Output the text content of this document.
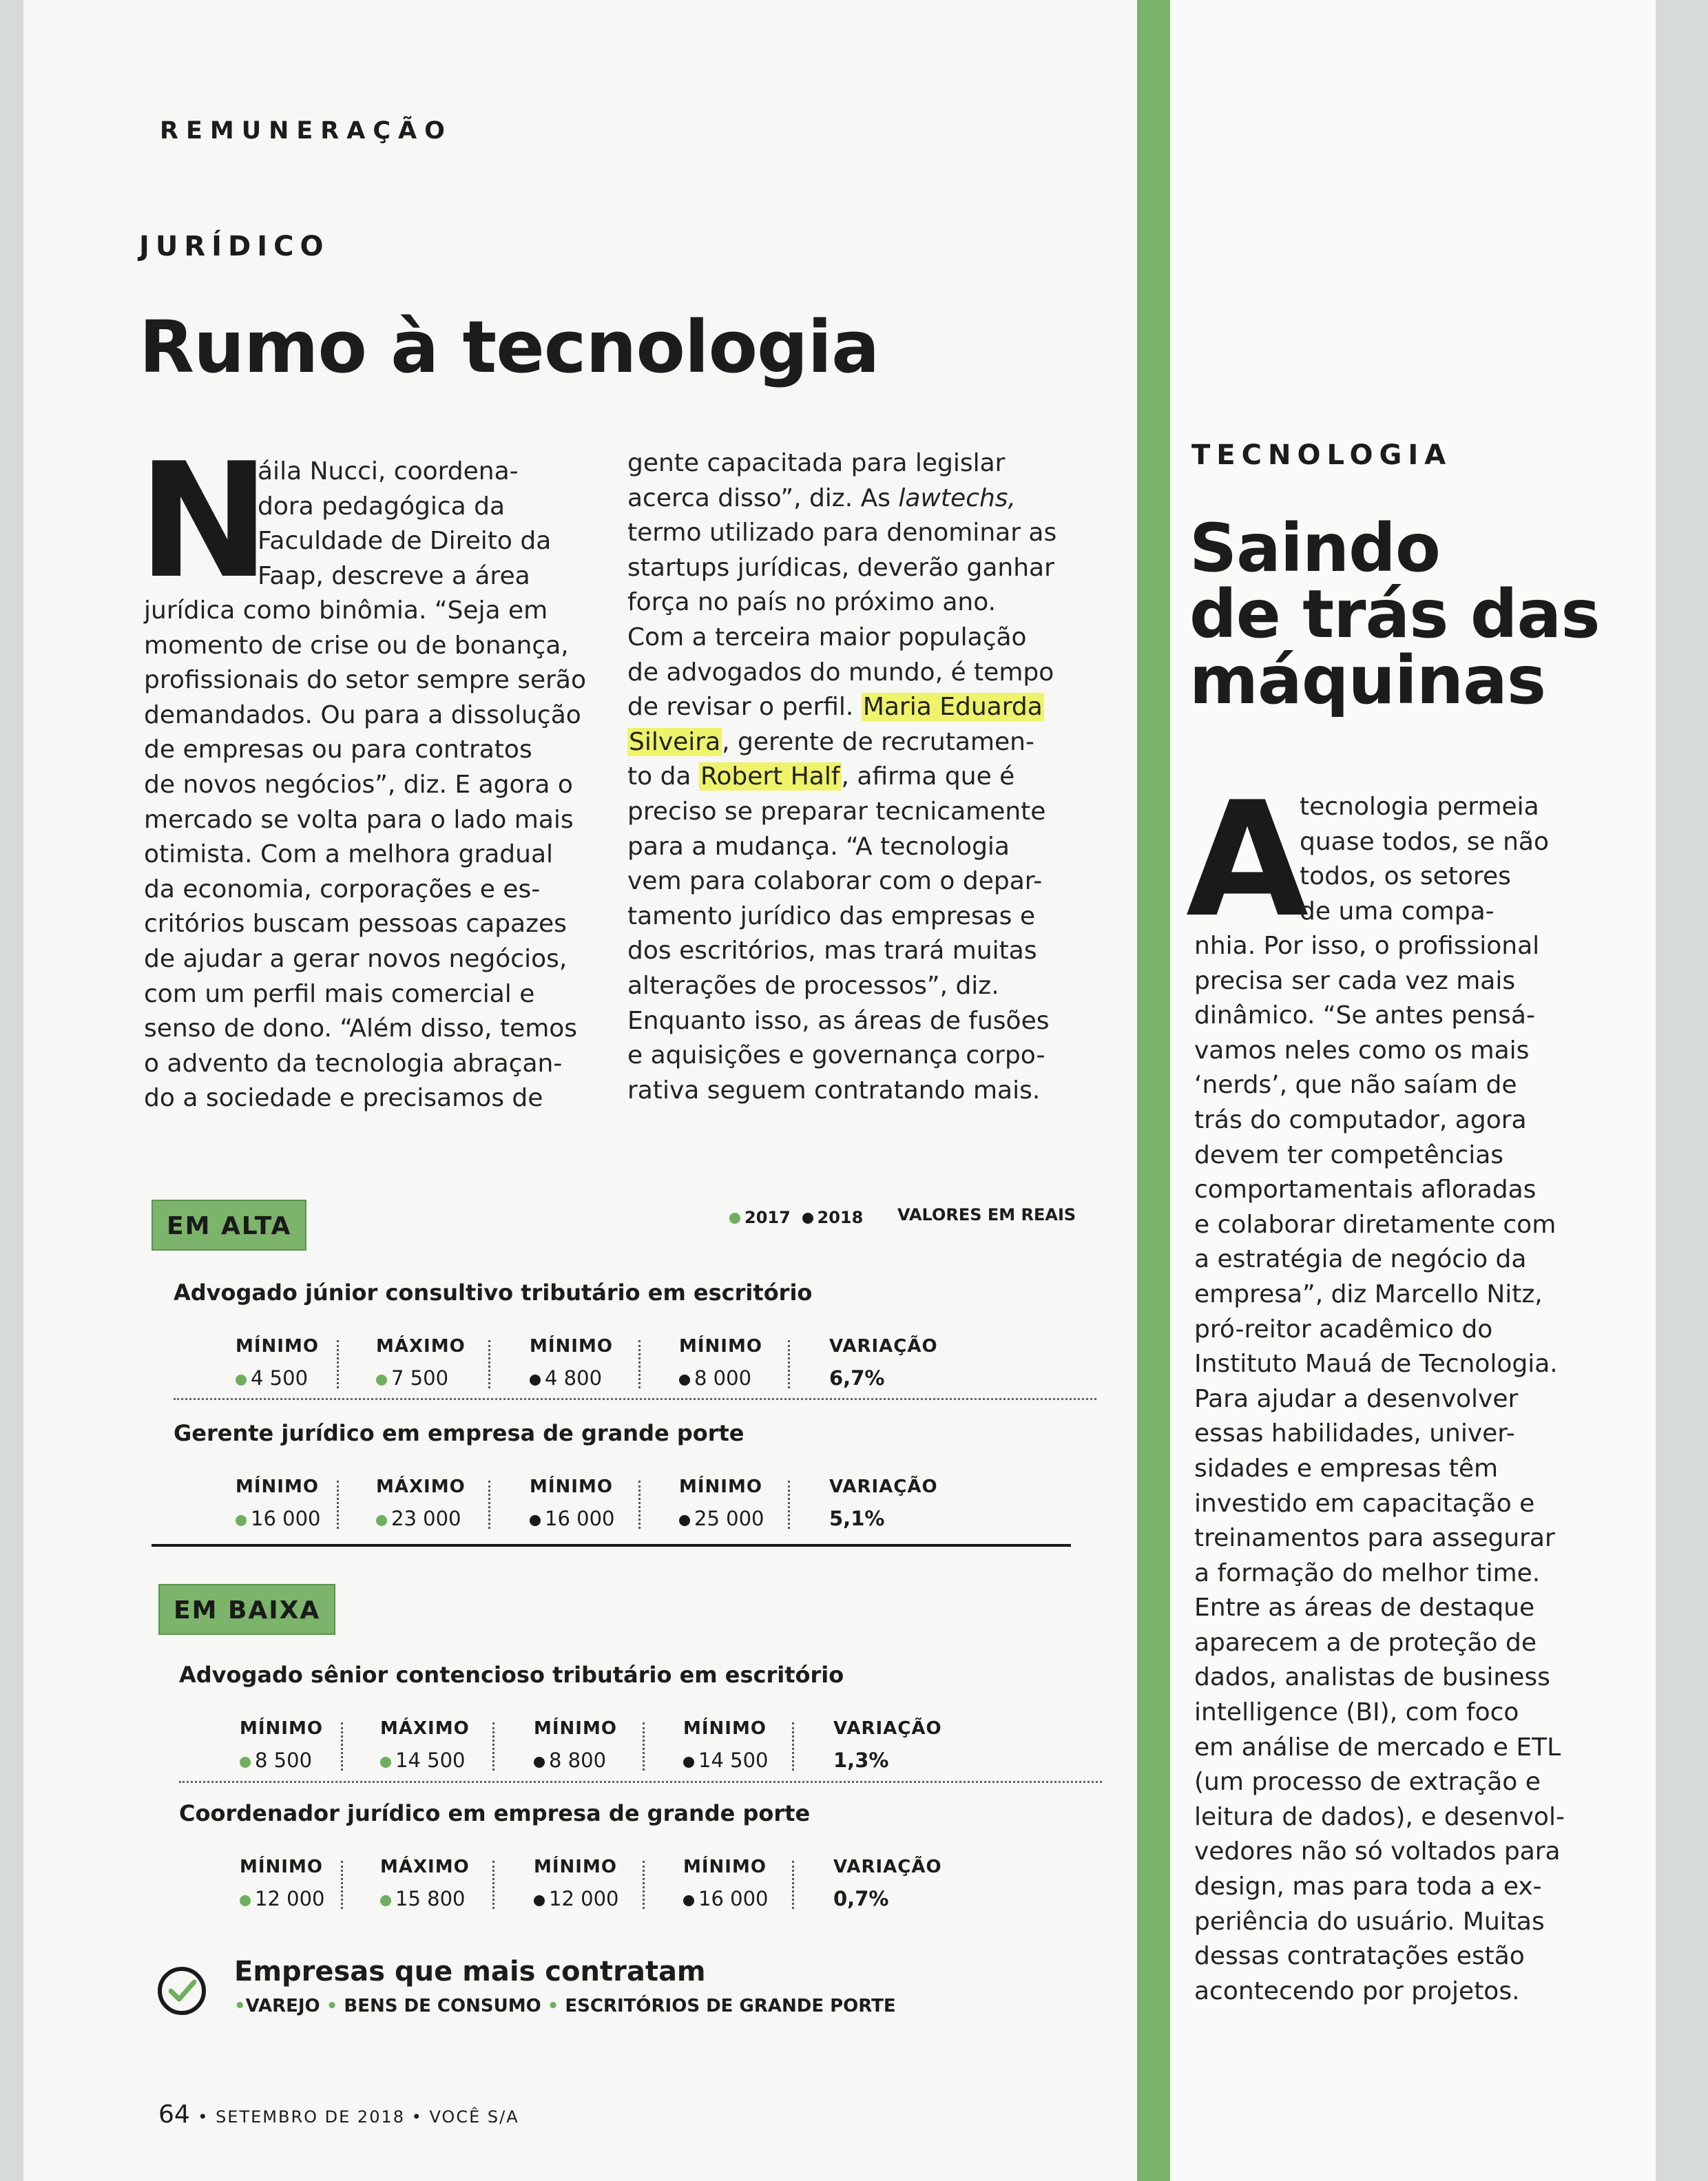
REMUNERAÇÃO
JURÍDICO
Rumo à tecnologia
N
áila Nucci, coordena-
dora pedagógica da
Faculdade de Direito da
Faap, descreve a área
jurídica como binômia. “Seja em
momento de crise ou de bonança,
profissionais do setor sempre serão
demandados. Ou para a dissolução
de empresas ou para contratos
de novos negócios”, diz. E agora o
mercado se volta para o lado mais
otimista. Com a melhora gradual
da economia, corporações e es-
critórios buscam pessoas capazes
de ajudar a gerar novos negócios,
com um perfil mais comercial e
senso de dono. “Além disso, temos
o advento da tecnologia abraçan-
do a sociedade e precisamos de
gente capacitada para legislar
acerca disso”, diz. As lawtechs,
termo utilizado para denominar as
startups jurídicas, deverão ganhar
força no país no próximo ano.
Com a terceira maior população
de advogados do mundo, é tempo
de revisar o perfil. Maria Eduarda
Silveira, gerente de recrutamen-
to da Robert Half, afirma que é
preciso se preparar tecnicamente
para a mudança. “A tecnologia
vem para colaborar com o depar-
tamento jurídico das empresas e
dos escritórios, mas trará muitas
alterações de processos”, diz.
Enquanto isso, as áreas de fusões
e aquisições e governança corpo-
rativa seguem contratando mais.
EM ALTA	2017 2018 VALORES EM REAIS
Advogado júnior consultivo tributário em escritório
MÍNIMO
4 500
MÁXIMO
7 500
MÍNIMO
4 800
MÍNIMO
8 000
VARIAÇÃO
6,7%
Gerente jurídico em empresa de grande porte
MÍNIMO
16 000
MÁXIMO
23 000
MÍNIMO
16 000
MÍNIMO
25 000
VARIAÇÃO
5,1%
Advogado sênior contencioso tributário em escritório
MÍNIMO
8 500
MÁXIMO
14 500
MÍNIMO
8 800
MÍNIMO
14 500
VARIAÇÃO
1,3%
Coordenador jurídico em empresa de grande porte
MÍNIMO
12 000
MÁXIMO
15 800
MÍNIMO
12 000
MÍNIMO
16 000
VARIAÇÃO
0,7%
EM BAIXA
Empresas que mais contratam
•VAREJO • BENS DE CONSUMO • ESCRITÓRIOS DE GRANDE PORTE
64 • SETEMBRO DE 2018 • VOCÊ S/A
TECNOLOGIA
Saindo
de trás das
máquinas
A
tecnologia permeia
quase todos, se não
todos, os setores
de uma compa-
nhia. Por isso, o profissional
precisa ser cada vez mais
dinâmico. “Se antes pensá-
vamos neles como os mais
‘nerds’, que não saíam de
trás do computador, agora
devem ter competências
comportamentais afloradas
e colaborar diretamente com
a estratégia de negócio da
empresa”, diz Marcello Nitz,
pró-reitor acadêmico do
Instituto Mauá de Tecnologia.
Para ajudar a desenvolver
essas habilidades, univer-
sidades e empresas têm
investido em capacitação e
treinamentos para assegurar
a formação do melhor time.
Entre as áreas de destaque
aparecem a de proteção de
dados, analistas de business
intelligence (BI), com foco
em análise de mercado e ETL
(um processo de extração e
leitura de dados), e desenvol-
vedores não só voltados para
design, mas para toda a ex-
periência do usuário. Muitas
dessas contratações estão
acontecendo por projetos.
